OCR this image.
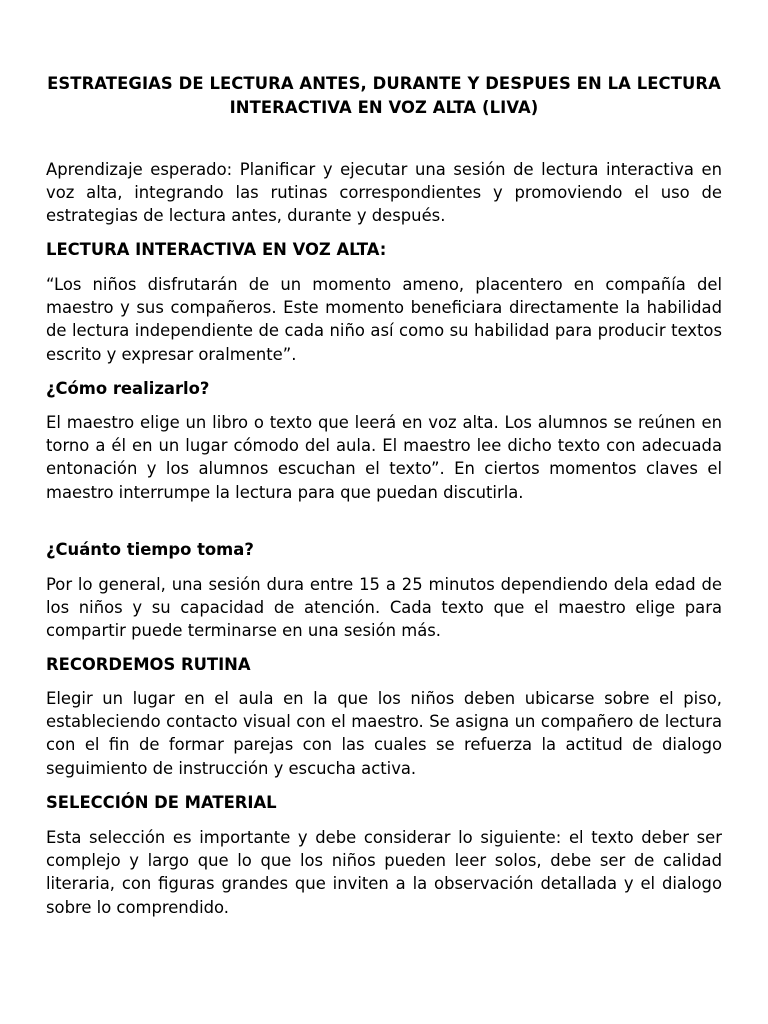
ESTRATEGIAS DE LECTURA ANTES, DURANTE Y DESPUES EN LA LECTURA INTERACTIVA EN VOZ ALTA (LIVA)

Aprendizaje esperado: Planificar y ejecutar una sesión de lectura interactiva en voz alta, integrando las rutinas correspondientes y promoviendo el uso de estrategias de lectura antes, durante y después.

LECTURA INTERACTIVA EN VOZ ALTA:

“Los niños disfrutarán de un momento ameno, placentero en compañía del maestro y sus compañeros. Este momento beneficiara directamente la habilidad de lectura independiente de cada niño así como su habilidad para producir textos escrito y expresar oralmente”.

¿Cómo realizarlo?

El maestro elige un libro o texto que leerá en voz alta. Los alumnos se reúnen en torno a él en un lugar cómodo del aula. El maestro lee dicho texto con adecuada entonación y los alumnos escuchan el texto”. En ciertos momentos claves el maestro interrumpe la lectura para que puedan discutirla.

¿Cuánto tiempo toma?

Por lo general, una sesión dura entre 15 a 25 minutos dependiendo dela edad de los niños y su capacidad de atención. Cada texto que el maestro elige para compartir puede terminarse en una sesión más.

RECORDEMOS RUTINA

Elegir un lugar en el aula en la que los niños deben ubicarse sobre el piso, estableciendo contacto visual con el maestro. Se asigna un compañero de lectura con el fin de formar parejas con las cuales se refuerza la actitud de dialogo seguimiento de instrucción y escucha activa.

SELECCIÓN DE MATERIAL

Esta selección es importante y debe considerar lo siguiente: el texto deber ser complejo y largo que lo que los niños pueden leer solos, debe ser de calidad literaria, con figuras grandes que inviten a la observación detallada y el dialogo sobre lo comprendido.
